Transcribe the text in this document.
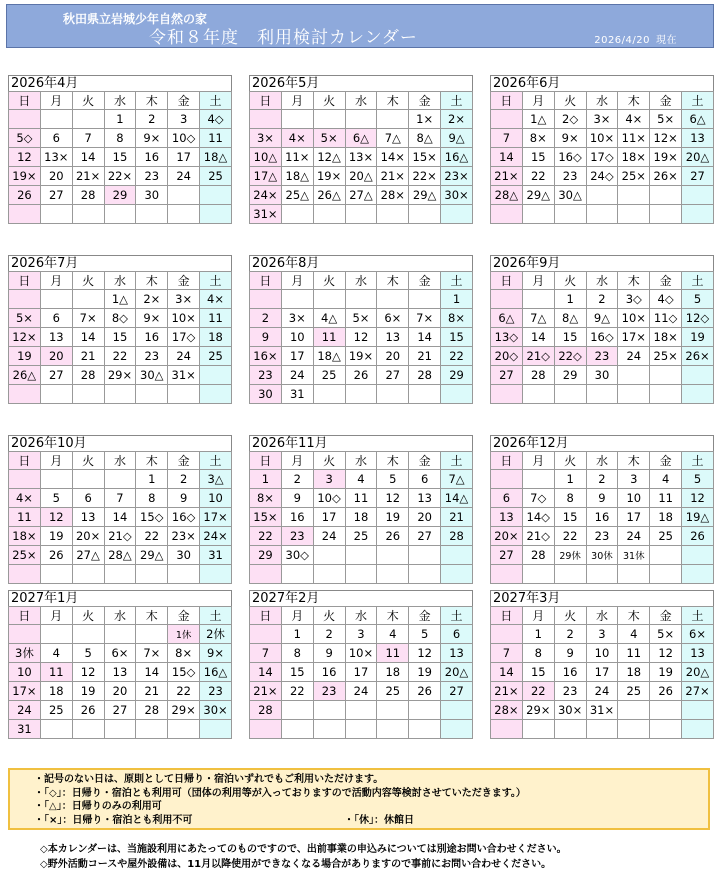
秋田県立岩城少年自然の家
令和８年度　利用検討カレンダー	2026/4/20 現在
2026年4月
日	月	火	水	木	金	土
			1	2	3	4◇
5◇	6	7	8	9×	10◇	11
12	13×	14	15	16	17	18△
19×	20	21×	22×	23	24	25
26	27	28	29	30		

2026年5月
日	月	火	水	木	金	土
					1×	2×
3×	4×	5×	6△	7△	8△	9△
10△	11×	12△	13×	14×	15×	16△
17△	18△	19×	20△	21×	22×	23×
24×	25△	26△	27△	28×	29△	30×
31×						
2026年6月
日	月	火	水	木	金	土
	1△	2◇	3×	4×	5×	6△
7	8×	9×	10×	11×	12×	13
14	15	16◇	17◇	18×	19×	20△
21×	22	23	24◇	25×	26×	27
28△	29△	30△				

2026年7月
日	月	火	水	木	金	土
			1△	2×	3×	4×
5×	6	7×	8◇	9×	10×	11
12×	13	14	15	16	17◇	18
19	20	21	22	23	24	25
26△	27	28	29×	30△	31×	

2026年8月
日	月	火	水	木	金	土
						1
2	3×	4△	5×	6×	7×	8×
9	10	11	12	13	14	15
16×	17	18△	19×	20	21	22
23	24	25	26	27	28	29
30	31					
2026年9月
日	月	火	水	木	金	土
		1	2	3◇	4◇	5
6△	7△	8△	9△	10×	11◇	12◇
13◇	14	15	16◇	17×	18×	19
20◇	21◇	22◇	23	24	25×	26×
27	28	29	30			

2026年10月
日	月	火	水	木	金	土
				1	2	3△
4×	5	6	7	8	9	10
11	12	13	14	15◇	16◇	17×
18×	19	20×	21◇	22	23×	24×
25×	26	27△	28△	29△	30	31

2026年11月
日	月	火	水	木	金	土
1	2	3	4	5	6	7△
8×	9	10◇	11	12	13	14△
15×	16	17	18	19	20	21
22	23	24	25	26	27	28
29	30◇					

2026年12月
日	月	火	水	木	金	土
		1	2	3	4	5
6	7◇	8	9	10	11	12
13	14◇	15	16	17	18	19△
20×	21◇	22	23	24	25	26
27	28	29休	30休	31休		

2027年1月
日	月	火	水	木	金	土
					1休	2休
3休	4	5	6×	7×	8×	9×
10	11	12	13	14	15◇	16△
17×	18	19	20	21	22	23
24	25	26	27	28	29×	30×
31						
2027年2月
日	月	火	水	木	金	土
	1	2	3	4	5	6
7	8	9	10×	11	12	13
14	15	16	17	18	19	20△
21×	22	23	24	25	26	27
28						

2027年3月
日	月	火	水	木	金	土
	1	2	3	4	5×	6×
7	8	9	10	11	12	13
14	15	16	17	18	19	20△
21×	22	23	24	25	26	27×
28×	29×	30×	31×			

・記号のない日は、原則として日帰り・宿泊いずれでもご利用いただけます。
・「◇」：日帰り・宿泊とも利用可（団体の利用等が入っておりますので活動内容等検討させていただきます。）
・「△」：日帰りのみの利用可
・「×」：日帰り・宿泊とも利用不可	・「休」：休館日
◇本カレンダーは、当施設利用にあたってのものですので、出前事業の申込みについては別途お問い合わせください。
◇野外活動コースや屋外設備は、11月以降使用ができなくなる場合がありますので事前にお問い合わせください。
